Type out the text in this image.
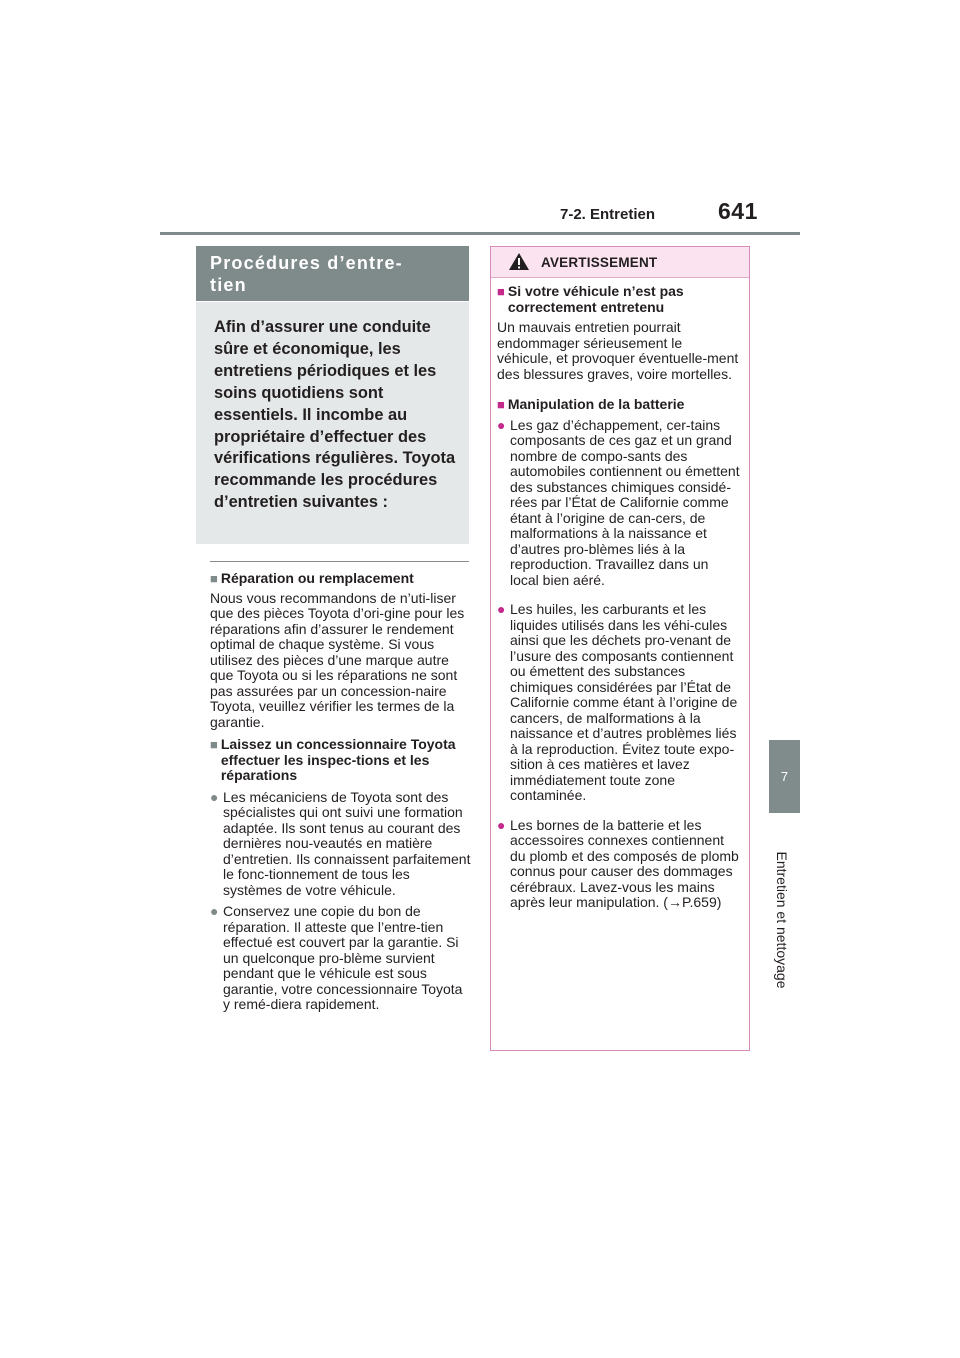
7-2. Entretien	641
7
Entretien et nettoyage
Procédures d’entre-
tien
Afin d’assurer une conduite sûre et économique, les entretiens périodiques et les soins quotidiens sont essentiels. Il incombe au propriétaire d’effectuer des vérifications régulières. Toyota recommande les procédures d’entretien suivantes :
■ Réparation ou remplacement
Nous vous recommandons de n’uti-liser que des pièces Toyota d’ori-gine pour les réparations afin d’assurer le rendement optimal de chaque système. Si vous utilisez des pièces d’une marque autre que Toyota ou si les réparations ne sont pas assurées par un concession-naire Toyota, veuillez vérifier les termes de la garantie.
■ Laissez un concessionnaire Toyota effectuer les inspec-tions et les réparations
● Les mécaniciens de Toyota sont des spécialistes qui ont suivi une formation adaptée. Ils sont tenus au courant des dernières nou-veautés en matière d’entretien. Ils connaissent parfaitement le fonc-tionnement de tous les systèmes de votre véhicule.
● Conservez une copie du bon de réparation. Il atteste que l’entre-tien effectué est couvert par la garantie. Si un quelconque pro-blème survient pendant que le véhicule est sous garantie, votre concessionnaire Toyota y remé-diera rapidement.
AVERTISSEMENT
■ Si votre véhicule n’est pas correctement entretenu
Un mauvais entretien pourrait endommager sérieusement le véhicule, et provoquer éventuelle-ment des blessures graves, voire mortelles.
■ Manipulation de la batterie
● Les gaz d’échappement, cer-tains composants de ces gaz et un grand nombre de compo-sants des automobiles contiennent ou émettent des substances chimiques considé-rées par l’État de Californie comme étant à l’origine de can-cers, de malformations à la naissance et d’autres pro-blèmes liés à la reproduction. Travaillez dans un local bien aéré.
● Les huiles, les carburants et les liquides utilisés dans les véhi-cules ainsi que les déchets pro-venant de l’usure des composants contiennent ou émettent des substances chimiques considérées par l’État de Californie comme étant à l’origine de cancers, de malformations à la naissance et d’autres problèmes liés à la reproduction. Évitez toute expo-sition à ces matières et lavez immédiatement toute zone contaminée.
● Les bornes de la batterie et les accessoires connexes contiennent du plomb et des composés de plomb connus pour causer des dommages cérébraux. Lavez-vous les mains après leur manipulation. (→P.659)
